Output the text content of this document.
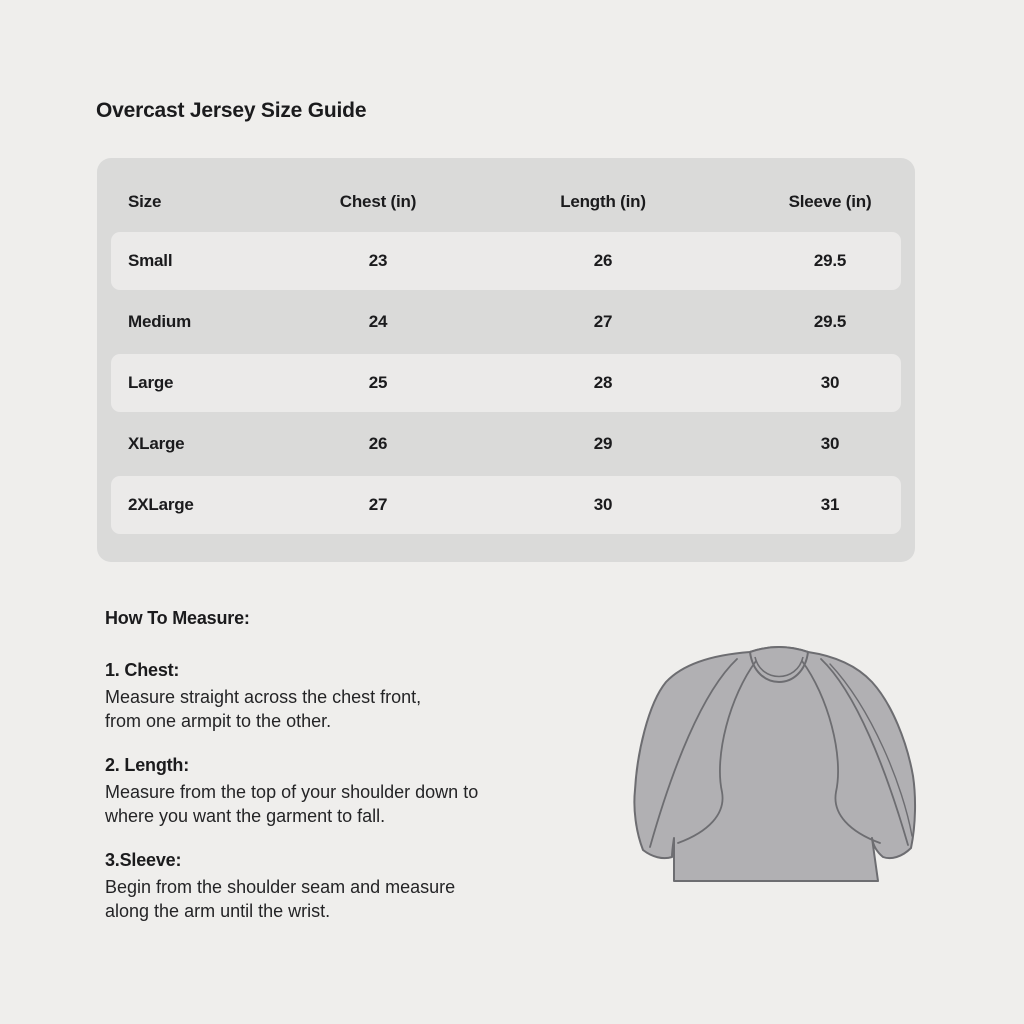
Overcast Jersey Size Guide
Size	Chest (in)	Length (in)	Sleeve (in)
Small	23	26	29.5
Medium	24	27	29.5
Large	25	28	30
XLarge	26	29	30
2XLarge	27	30	31
How To Measure:
1. Chest:
Measure straight across the chest front,
from one armpit to the other.
2. Length:
Measure from the top of your shoulder down to
where you want the garment to fall.
3.Sleeve:
Begin from the shoulder seam and measure
along the arm until the wrist.
